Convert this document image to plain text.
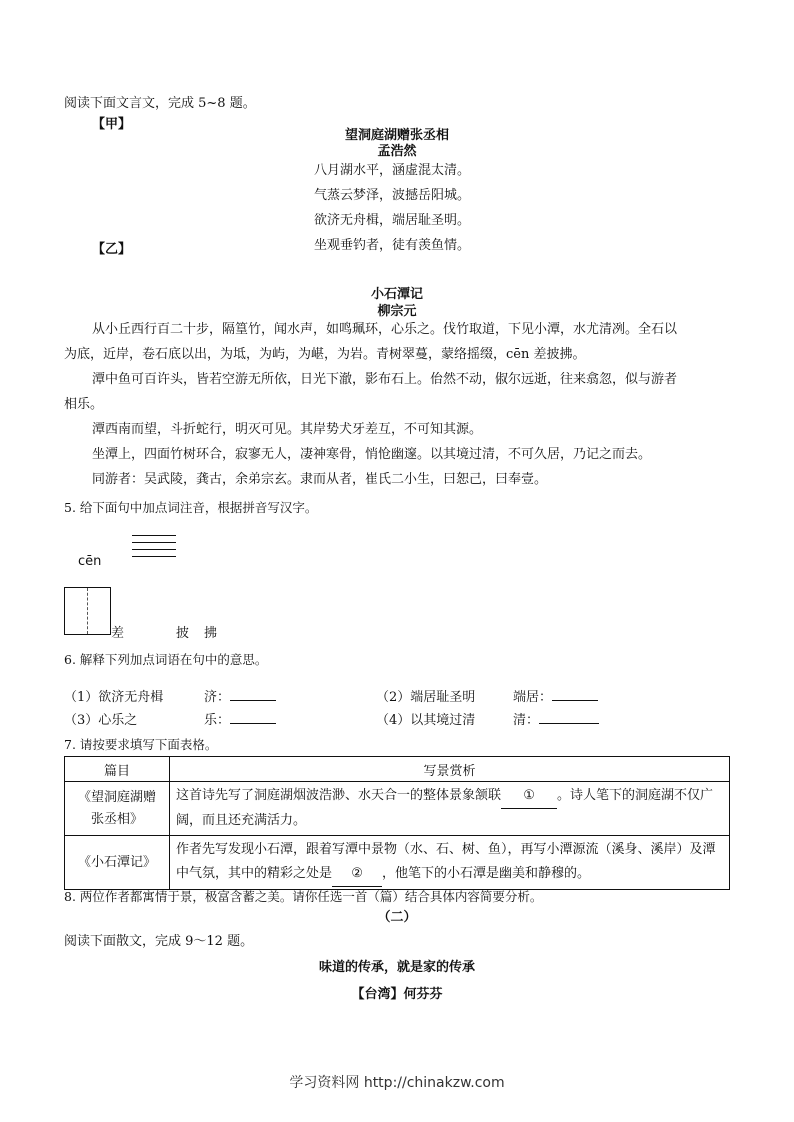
阅读下面文言文，完成 5~8 题。
【甲】
望洞庭湖赠张丞相
孟浩然
八月湖水平，涵虚混太清。
气蒸云梦泽，波撼岳阳城。
欲济无舟楫，端居耻圣明。
坐观垂钓者，徒有羡鱼情。
【乙】
小石潭记
柳宗元
从小丘西行百二十步，隔篁竹，闻水声，如鸣珮环，心乐之。伐竹取道，下见小潭，水尤清冽。全石以
为底，近岸，卷石底以出，为坻，为屿，为嵁，为岩。青树翠蔓，蒙络摇缀，cēn 差披拂。
潭中鱼可百许头，皆若空游无所依，日光下澈，影布石上。佁然不动，俶尔远逝，往来翕忽，似与游者
相乐。
潭西南而望，斗折蛇行，明灭可见。其岸势犬牙差互，不可知其源。
坐潭上，四面竹树环合，寂寥无人，凄神寒骨，悄怆幽邃。以其境过清，不可久居，乃记之而去。
同游者：吴武陵，龚古，余弟宗玄。隶而从者，崔氏二小生，曰恕己，曰奉壹。
5. 给下面句中加点词注音，根据拼音写汉字。
cēn
差	披 拂
6. 解释下列加点词语在句中的意思。
（1）欲济无舟楫	济：	（2）端居耻圣明	端居：
（3）心乐之	乐：	（4）以其境过清	清：
7. 请按要求填写下面表格。
篇目	写景赏析
《望洞庭湖赠
张丞相》	这首诗先写了洞庭湖烟波浩渺、水天合一的整体景象颔联 ① 。诗人笔下的洞庭湖不仅广阔，而且还充满活力。
《小石潭记》	作者先写发现小石潭，跟着写潭中景物（水、石、树、鱼），再写小潭源流（溪身、溪岸）及潭中气氛，其中的精彩之处是 ② ，他笔下的小石潭是幽美和静穆的。
8. 两位作者都寓情于景，极富含蓄之美。请你任选一首（篇）结合具体内容简要分析。
（二）
阅读下面散文，完成 9～12 题。
味道的传承，就是家的传承
【台湾】何芬芬
学习资料网 http://chinakzw.com
